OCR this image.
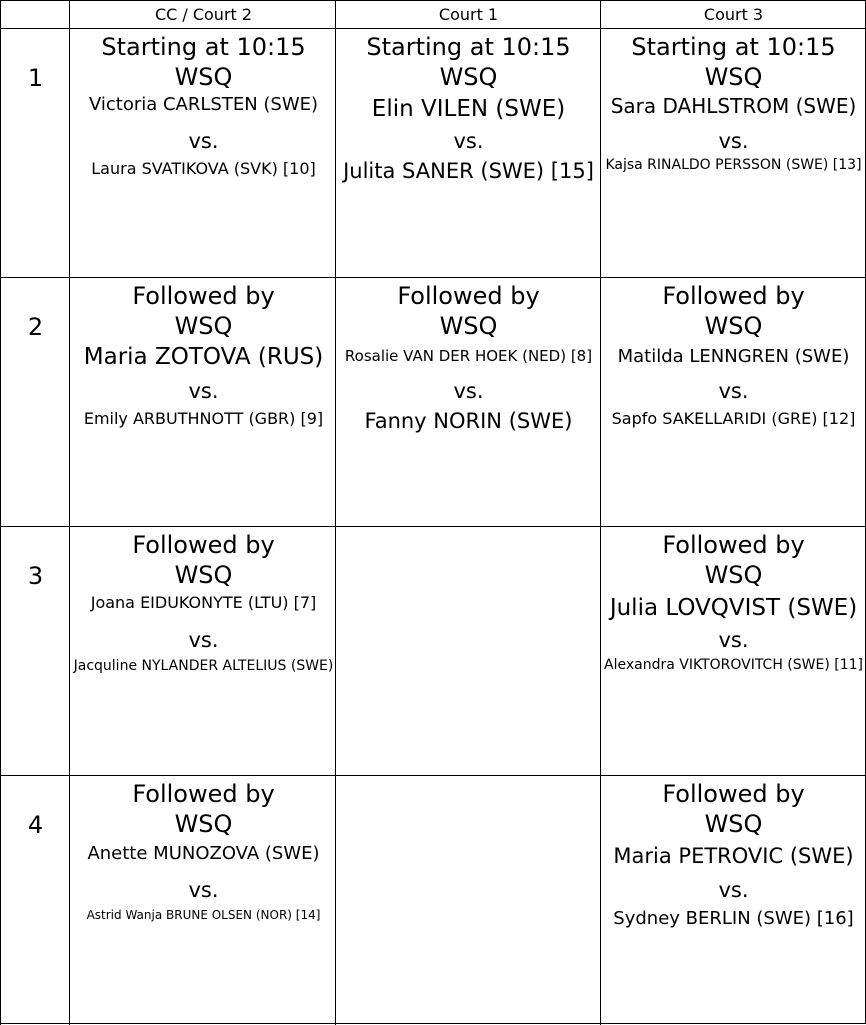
CC / Court 2	Court 1	Court 3
1
Starting at 10:15
WSQ
Victoria CARLSTEN (SWE)
vs.
Laura SVATIKOVA (SVK) [10]
Starting at 10:15
WSQ
Elin VILEN (SWE)
vs.
Julita SANER (SWE) [15]
Starting at 10:15
WSQ
Sara DAHLSTROM (SWE)
vs.
Kajsa RINALDO PERSSON (SWE) [13]
2
Followed by
WSQ
Maria ZOTOVA (RUS)
vs.
Emily ARBUTHNOTT (GBR) [9]
Followed by
WSQ
Rosalie VAN DER HOEK (NED) [8]
vs.
Fanny NORIN (SWE)
Followed by
WSQ
Matilda LENNGREN (SWE)
vs.
Sapfo SAKELLARIDI (GRE) [12]
3
Followed by
WSQ
Joana EIDUKONYTE (LTU) [7]
vs.
Jacquline NYLANDER ALTELIUS (SWE)
Followed by
WSQ
Julia LOVQVIST (SWE)
vs.
Alexandra VIKTOROVITCH (SWE) [11]
4
Followed by
WSQ
Anette MUNOZOVA (SWE)
vs.
Astrid Wanja BRUNE OLSEN (NOR) [14]
Followed by
WSQ
Maria PETROVIC (SWE)
vs.
Sydney BERLIN (SWE) [16]
